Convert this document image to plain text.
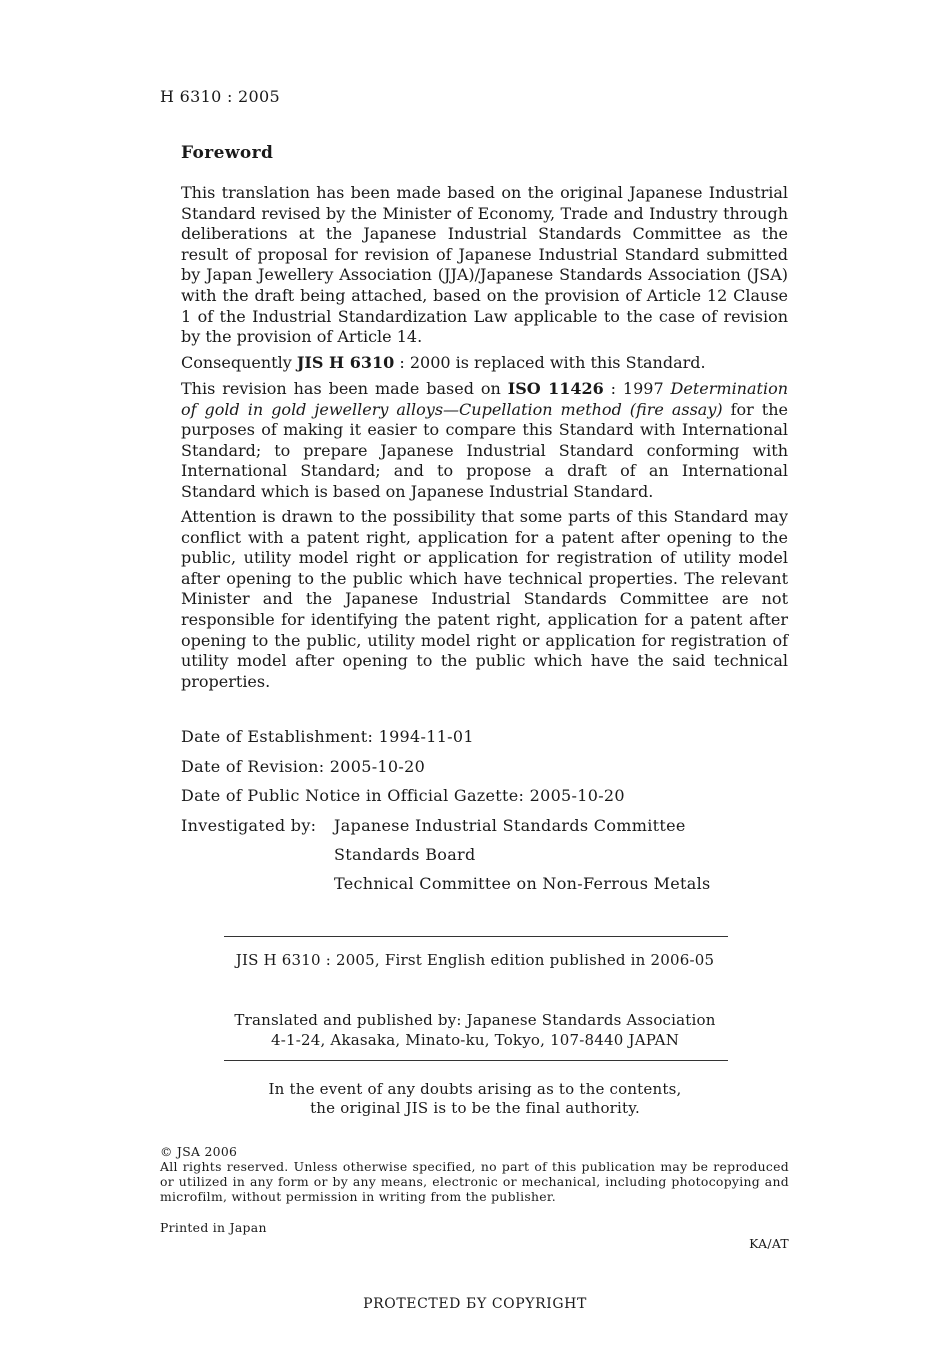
H 6310 : 2005
Foreword

This translation has been made based on the original Japanese Industrial Standard revised by the Minister of Economy, Trade and Industry through deliberations at the Japanese Industrial Standards Committee as the result of proposal for revision of Japanese Industrial Standard submitted by Japan Jewellery Association (JJA)/Japanese Standards Association (JSA) with the draft being attached, based on the provision of Article 12 Clause 1 of the Industrial Standardization Law applicable to the case of revision by the provision of Article 14.

Consequently JIS H 6310 : 2000 is replaced with this Standard.

This revision has been made based on ISO 11426 : 1997 Determination of gold in gold jewellery alloys—Cupellation method (fire assay) for the purposes of making it easier to compare this Standard with International Standard; to prepare Japanese Industrial Standard conforming with International Standard; and to propose a draft of an International Standard which is based on Japanese Industrial Standard.

Attention is drawn to the possibility that some parts of this Standard may conflict with a patent right, application for a patent after opening to the public, utility model right or application for registration of utility model after opening to the public which have technical properties. The relevant Minister and the Japanese Industrial Standards Committee are not responsible for identifying the patent right, application for a patent after opening to the public, utility model right or application for registration of utility model after opening to the public which have the said technical properties.

Date of Establishment: 1994-11-01
Date of Revision: 2005-10-20
Date of Public Notice in Official Gazette: 2005-10-20
Investigated by: Japanese Industrial Standards Committee
Standards Board
Technical Committee on Non-Ferrous Metals
JIS H 6310 : 2005, First English edition published in 2006-05
Translated and published by: Japanese Standards Association
4-1-24, Akasaka, Minato-ku, Tokyo, 107-8440 JAPAN
In the event of any doubts arising as to the contents,
the original JIS is to be the final authority.
© JSA 2006
All rights reserved. Unless otherwise specified, no part of this publication may be reproduced or utilized in any form or by any means, electronic or mechanical, including photocopying and microfilm, without permission in writing from the publisher.
Printed in Japan
KA/AT
PROTECTED БY COPYRIGHT
